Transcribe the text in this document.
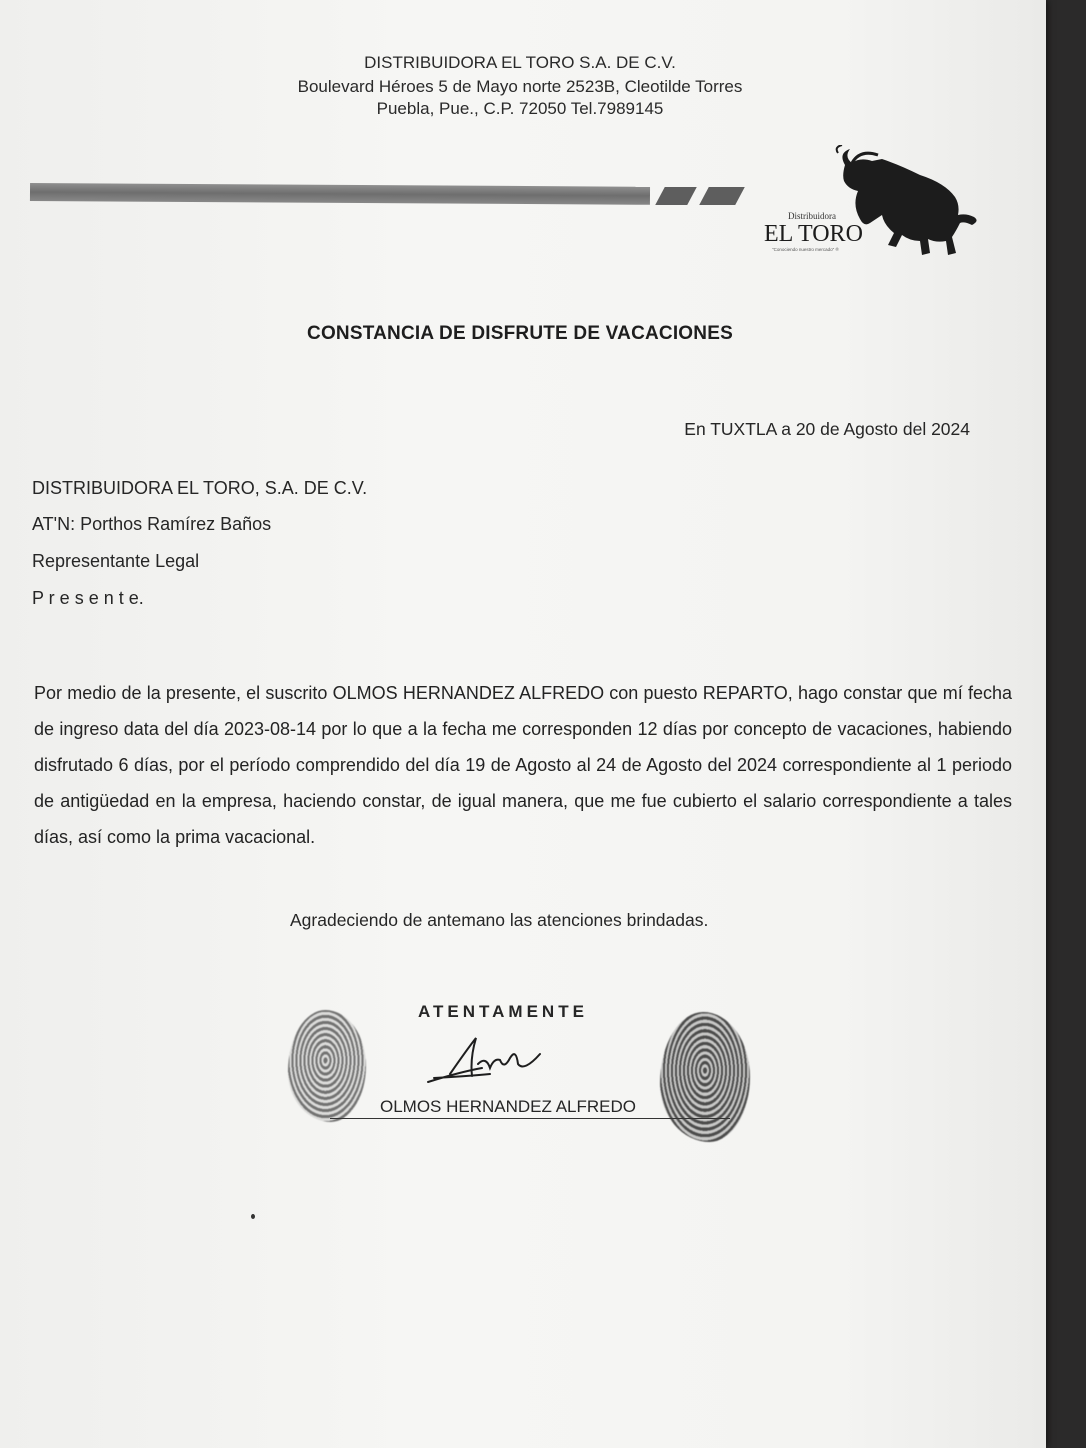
DISTRIBUIDORA EL TORO S.A. DE C.V.
Boulevard Héroes 5 de Mayo norte 2523B, Cleotilde Torres
Puebla, Pue., C.P. 72050 Tel.7989145
Distribuidora
EL TORO
"Conociendo nuestro mercado" ®
CONSTANCIA DE DISFRUTE DE VACACIONES
En TUXTLA a 20 de Agosto del 2024
DISTRIBUIDORA EL TORO, S.A. DE C.V.
AT'N: Porthos Ramírez Baños
Representante Legal
P r e s e n t e.
Por medio de la presente, el suscrito OLMOS HERNANDEZ ALFREDO con puesto REPARTO, hago constar que mí fecha de ingreso data del día 2023-08-14 por lo que a la fecha me corresponden 12 días por concepto de vacaciones, habiendo disfrutado 6 días, por el período comprendido del día 19 de Agosto al 24 de Agosto del 2024 correspondiente al 1 periodo de antigüedad en la empresa, haciendo constar, de igual manera, que me fue cubierto el salario correspondiente a tales días, así como la prima vacacional.
Agradeciendo de antemano las atenciones brindadas.
ATENTAMENTE
OLMOS HERNANDEZ ALFREDO
